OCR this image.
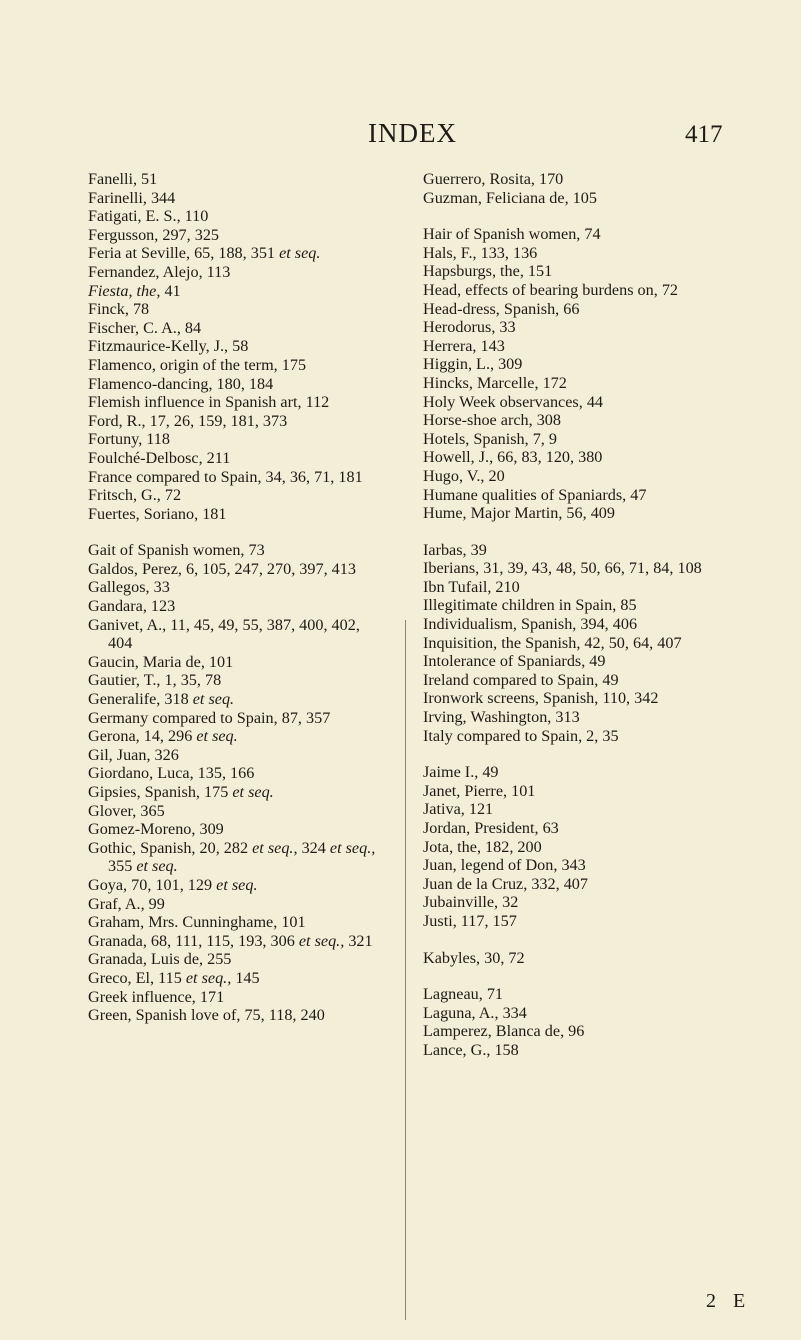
INDEX	417
Fanelli, 51
Farinelli, 344
Fatigati, E. S., 110
Fergusson, 297, 325
Feria at Seville, 65, 188, 351 et seq.
Fernandez, Alejo, 113
Fiesta, the, 41
Finck, 78
Fischer, C. A., 84
Fitzmaurice-Kelly, J., 58
Flamenco, origin of the term, 175
Flamenco-dancing, 180, 184
Flemish influence in Spanish art, 112
Ford, R., 17, 26, 159, 181, 373
Fortuny, 118
Foulché-Delbosc, 211
France compared to Spain, 34, 36, 71, 181
Fritsch, G., 72
Fuertes, Soriano, 181
Gait of Spanish women, 73
Galdos, Perez, 6, 105, 247, 270, 397, 413
Gallegos, 33
Gandara, 123
Ganivet, A., 11, 45, 49, 55, 387, 400, 402, 404
Gaucin, Maria de, 101
Gautier, T., 1, 35, 78
Generalife, 318 et seq.
Germany compared to Spain, 87, 357
Gerona, 14, 296 et seq.
Gil, Juan, 326
Giordano, Luca, 135, 166
Gipsies, Spanish, 175 et seq.
Glover, 365
Gomez-Moreno, 309
Gothic, Spanish, 20, 282 et seq., 324 et seq., 355 et seq.
Goya, 70, 101, 129 et seq.
Graf, A., 99
Graham, Mrs. Cunninghame, 101
Granada, 68, 111, 115, 193, 306 et seq., 321
Granada, Luis de, 255
Greco, El, 115 et seq., 145
Greek influence, 171
Green, Spanish love of, 75, 118, 240
Guerrero, Rosita, 170
Guzman, Feliciana de, 105
Hair of Spanish women, 74
Hals, F., 133, 136
Hapsburgs, the, 151
Head, effects of bearing burdens on, 72
Head-dress, Spanish, 66
Herodorus, 33
Herrera, 143
Higgin, L., 309
Hincks, Marcelle, 172
Holy Week observances, 44
Horse-shoe arch, 308
Hotels, Spanish, 7, 9
Howell, J., 66, 83, 120, 380
Hugo, V., 20
Humane qualities of Spaniards, 47
Hume, Major Martin, 56, 409
Iarbas, 39
Iberians, 31, 39, 43, 48, 50, 66, 71, 84, 108
Ibn Tufail, 210
Illegitimate children in Spain, 85
Individualism, Spanish, 394, 406
Inquisition, the Spanish, 42, 50, 64, 407
Intolerance of Spaniards, 49
Ireland compared to Spain, 49
Ironwork screens, Spanish, 110, 342
Irving, Washington, 313
Italy compared to Spain, 2, 35
Jaime I., 49
Janet, Pierre, 101
Jativa, 121
Jordan, President, 63
Jota, the, 182, 200
Juan, legend of Don, 343
Juan de la Cruz, 332, 407
Jubainville, 32
Justi, 117, 157
Kabyles, 30, 72
Lagneau, 71
Laguna, A., 334
Lamperez, Blanca de, 96
Lance, G., 158
2 E
